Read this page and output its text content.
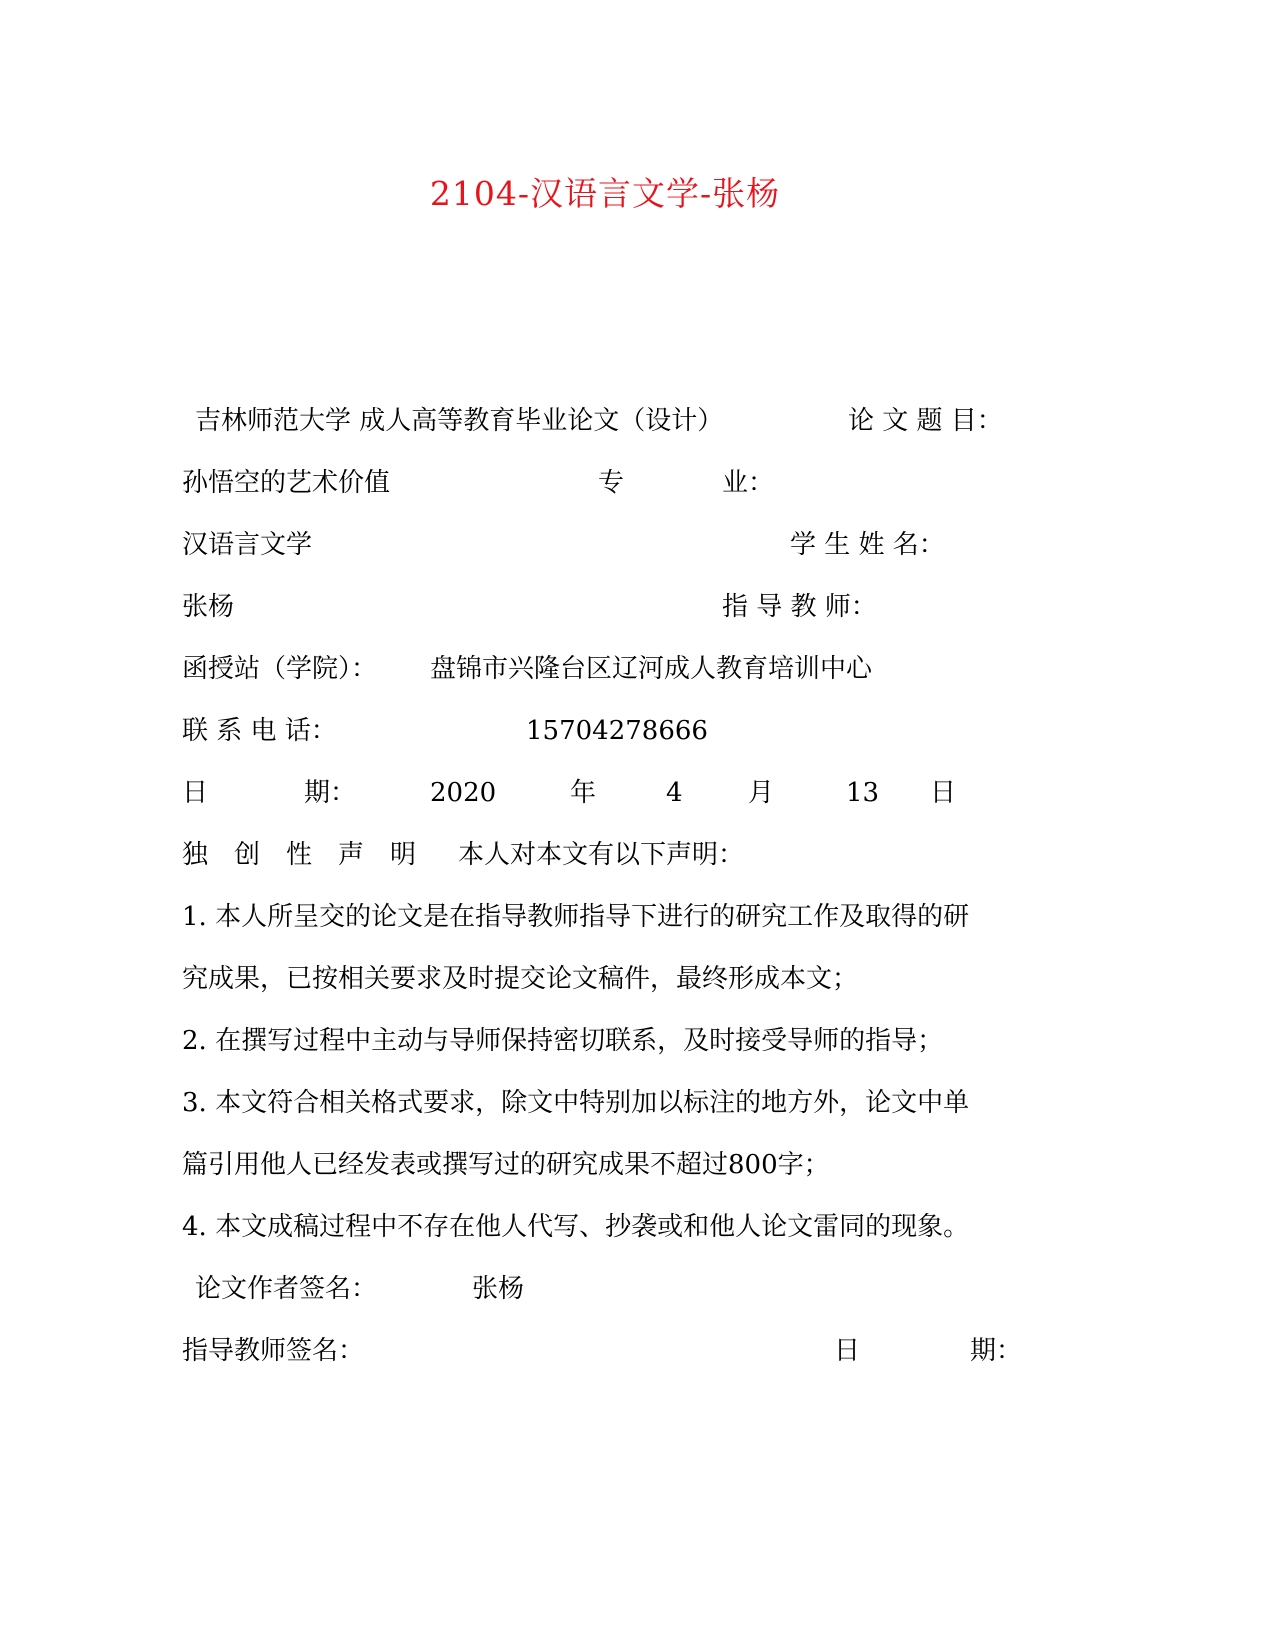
2104-汉语言文学-张杨
吉林师范大学 成人高等教育毕业论文（设计）	论 文 题 目：
孙悟空的艺术价值	专	业：
汉语言文学	学 生 姓 名：
张杨	指 导 教 师：
函授站（学院）： 盘锦市兴隆台区辽河成人教育培训中心
联 系 电 话：	15704278666
日	期：	2020	年	4	月	13 日
独　创　性　声　明 本人对本文有以下声明：
1. 本人所呈交的论文是在指导教师指导下进行的研究工作及取得的研
究成果，已按相关要求及时提交论文稿件，最终形成本文；
2. 在撰写过程中主动与导师保持密切联系，及时接受导师的指导；
3. 本文符合相关格式要求，除文中特别加以标注的地方外，论文中单
篇引用他人已经发表或撰写过的研究成果不超过800字；
4. 本文成稿过程中不存在他人代写、抄袭或和他人论文雷同的现象。
论文作者签名：	张杨
指导教师签名：	日	期：
